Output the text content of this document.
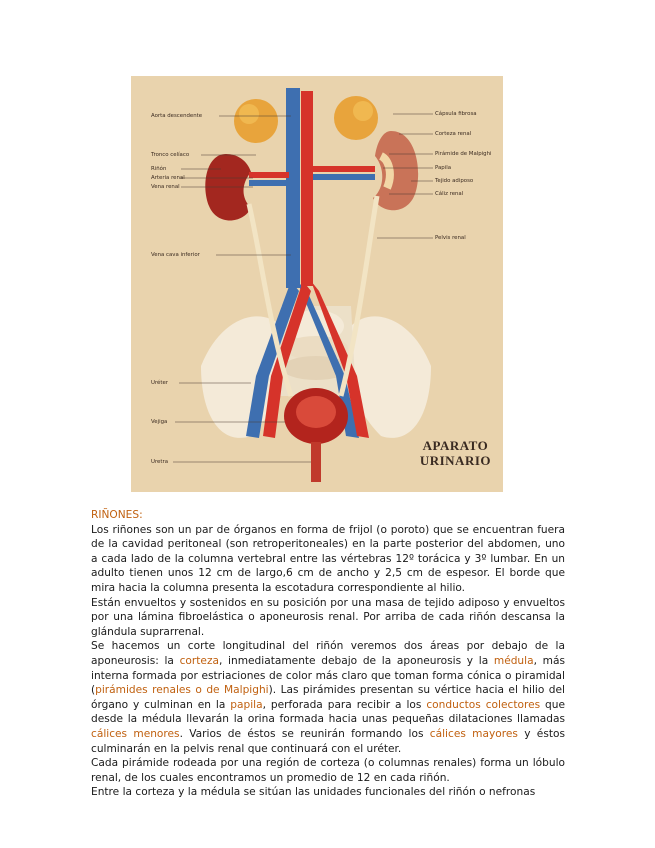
Aorta descendente
Tronco celíaco
Riñón
Arteria renal
Vena renal
Vena cava inferior
Uréter
Vejiga
Uretra
Cápsula fibrosa
Corteza renal
Pirámide de Malpighi
Papila
Tejido adiposo
Cáliz renal
Pelvis renal
APARATO
URINARIO

RIÑONES:

Los riñones son un par de órganos en forma de frijol (o poroto) que se encuentran fuera de la cavidad peritoneal (son retroperitoneales) en la parte posterior del abdomen, uno a cada lado de la columna vertebral entre las vértebras 12º torácica y 3º lumbar. En un adulto tienen unos 12 cm de largo,6 cm de ancho y 2,5 cm de espesor. El borde que mira hacia la columna presenta la escotadura correspondiente al hilio.

Están envueltos y sostenidos en su posición por una masa de tejido adiposo y envueltos por una lámina fibroelástica o aponeurosis renal. Por arriba de cada riñón descansa la glándula suprarrenal.

Se hacemos un corte longitudinal del riñón veremos dos áreas por debajo de la aponeurosis: la corteza, inmediatamente debajo de la aponeurosis y la médula, más interna formada por estriaciones de color más claro que toman forma cónica o piramidal (pirámides renales o de Malpighi). Las pirámides presentan su vértice hacia el hilio del órgano y culminan en la papila, perforada para recibir a los conductos colectores que desde la médula llevarán la orina formada hacia unas pequeñas dilataciones llamadas cálices menores. Varios de éstos se reunirán formando los cálices mayores y éstos culminarán en la pelvis renal que continuará con el uréter.

Cada pirámide rodeada por una región de corteza (o columnas renales) forma un lóbulo renal, de los cuales encontramos un promedio de 12 en cada riñón.

Entre la corteza y la médula se sitúan las unidades funcionales del riñón o nefronas
